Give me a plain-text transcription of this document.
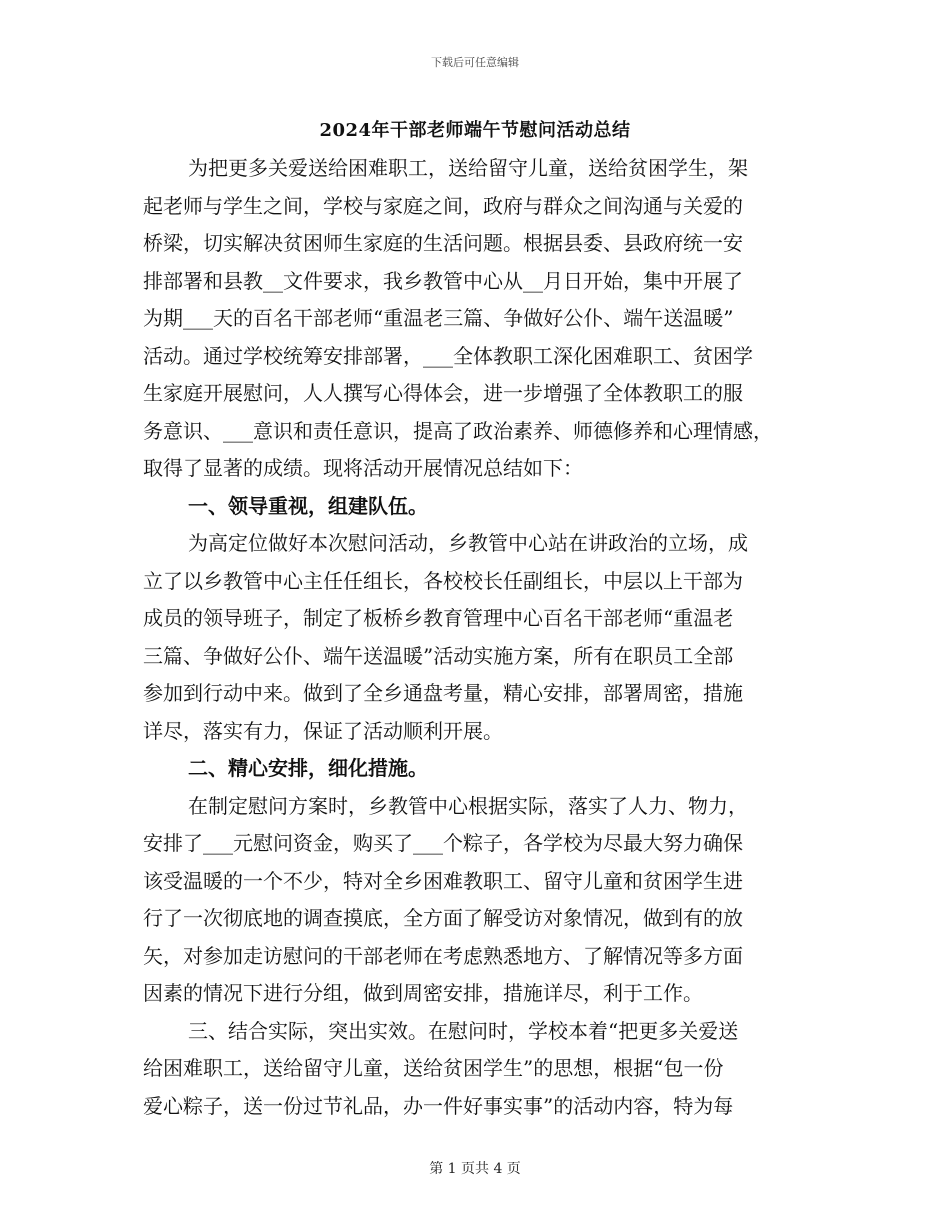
下载后可任意编辑
2024年干部老师端午节慰问活动总结
为把更多关爱送给困难职工，送给留守儿童，送给贫困学生，架
起老师与学生之间，学校与家庭之间，政府与群众之间沟通与关爱的
桥梁，切实解决贫困师生家庭的生活问题。根据县委、县政府统一安
排部署和县教__文件要求，我乡教管中心从__月日开始，集中开展了
为期___天的百名干部老师“重温老三篇、争做好公仆、端午送温暖”
活动。通过学校统筹安排部署，___全体教职工深化困难职工、贫困学
生家庭开展慰问，人人撰写心得体会，进一步增强了全体教职工的服
务意识、___意识和责任意识，提高了政治素养、师德修养和心理情感，
取得了显著的成绩。现将活动开展情况总结如下：
一、领导重视，组建队伍。
为高定位做好本次慰问活动，乡教管中心站在讲政治的立场，成
立了以乡教管中心主任任组长，各校校长任副组长，中层以上干部为
成员的领导班子，制定了板桥乡教育管理中心百名干部老师“重温老
三篇、争做好公仆、端午送温暖”活动实施方案，所有在职员工全部
参加到行动中来。做到了全乡通盘考量，精心安排，部署周密，措施
详尽，落实有力，保证了活动顺利开展。
二、精心安排，细化措施。
在制定慰问方案时，乡教管中心根据实际，落实了人力、物力，
安排了___元慰问资金，购买了___个粽子，各学校为尽最大努力确保
该受温暖的一个不少，特对全乡困难教职工、留守儿童和贫困学生进
行了一次彻底地的调查摸底，全方面了解受访对象情况，做到有的放
矢，对参加走访慰问的干部老师在考虑熟悉地方、了解情况等多方面
因素的情况下进行分组，做到周密安排，措施详尽，利于工作。
三、结合实际，突出实效。在慰问时，学校本着“把更多关爱送
给困难职工，送给留守儿童，送给贫困学生”的思想，根据“包一份
爱心粽子，送一份过节礼品，办一件好事实事”的活动内容，特为每
第 1 页共 4 页
